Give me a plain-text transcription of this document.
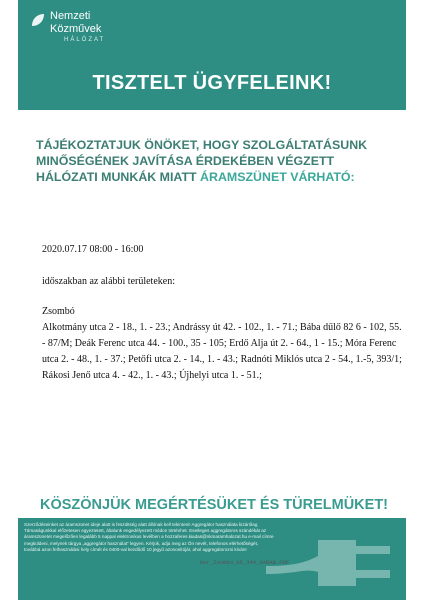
Nemzeti
Közművek
HÁLÓZAT
TISZTELT ÜGYFELEINK!
TÁJÉKOZTATJUK ÖNÖKET, HOGY SZOLGÁLTATÁSUNK MINŐSÉGÉNEK JAVÍTÁSA ÉRDEKÉBEN VÉGZETT HÁLÓZATI MUNKÁK MIATT ÁRAMSZÜNET VÁRHATÓ:
2020.07.17 08:00 - 16:00
időszakban az alábbi területeken:
Zsombó
Alkotmány utca 2 - 18., 1. - 23.; Andrássy út 42. - 102., 1. - 71.; Bába dűlő 82 6 - 102, 55. - 87/M; Deák Ferenc utca 44. - 100., 35 - 105; Erdő Alja út 2. - 64., 1 - 15.; Móra Ferenc utca 2. - 48., 1. - 37.; Petőfi utca 2. - 14., 1. - 43.; Radnóti Miklós utca 2 - 54., 1.-5, 393/1; Rákosi Jenő utca 4. - 42., 1. - 43.; Újhelyi utca 1. - 51.;
KÖSZÖNJÜK MEGÉRTÉSÜKET ÉS TÜRELMÜKET!
Szerződéseinket az áramszünet ideje alatt is feszültség alatt állónak kell tekinteni! Aggregátor használata kizárólag Társaságunkkal előzetesen egyeztetett, általunk engedélyezett módon történhet. Esetleges aggregátoros szándékát az áramszünetet megelőzően legalább 5 nappal elektronikus levélben a hozzaferes.kiadas@nkmaramhalozat.hu e-mail címre megküldeni, melynek tárgya „aggregátor használat” legyen. Kérjük, adja meg az Ön nevét, telefonos elérhetőségét, továbbá azon felhasználási hely címét és 0400-val kezdődő 10 jegyű azonosítóját, ahol aggregátorozni kíván!
Kor_Zsombo_A5_344_DARAB.PDF
